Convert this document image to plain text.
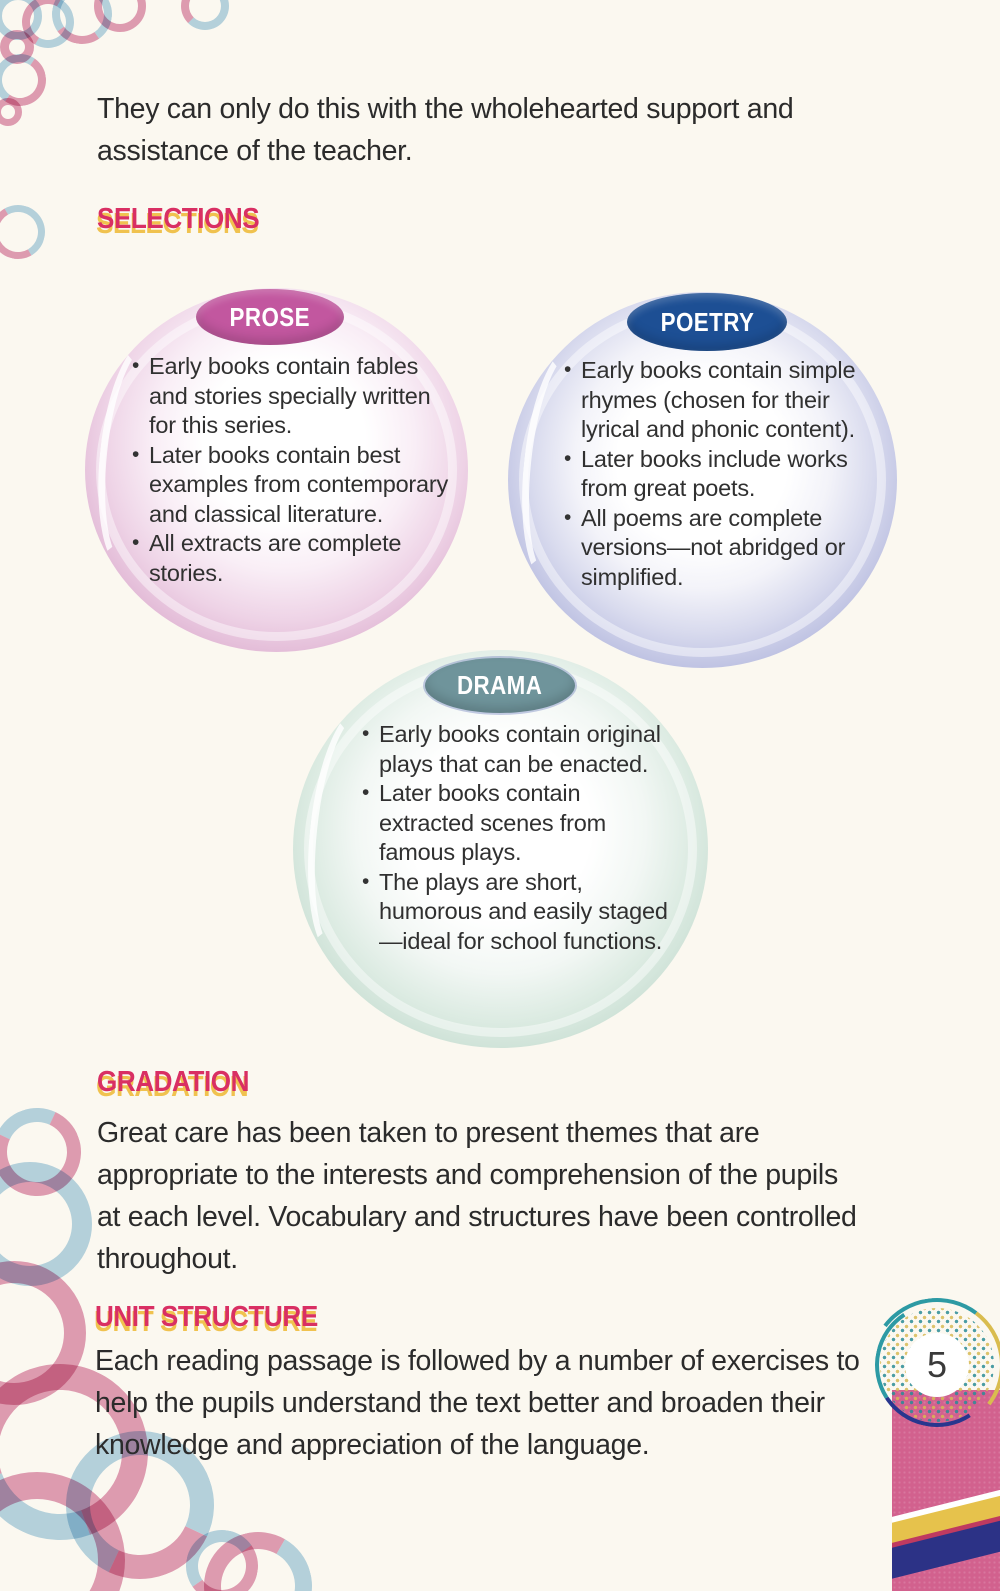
5

They can only do this with the wholehearted support and assistance of the teacher.

SELECTIONS
PROSE
• Early books contain fables and stories specially written for this series.
• Later books contain best examples from contemporary and classical literature.
• All extracts are complete stories.
POETRY
• Early books contain simple rhymes (chosen for their lyrical and phonic content).
• Later books include works from great poets.
• All poems are complete versions—not abridged or simplified.
DRAMA
• Early books contain original plays that can be enacted.
• Later books contain extracted scenes from famous plays.
• The plays are short, humorous and easily staged—ideal for school functions.
GRADATION

Great care has been taken to present themes that are appropriate to the interests and comprehension of the pupils at each level. Vocabulary and structures have been controlled throughout.

UNIT STRUCTURE

Each reading passage is followed by a number of exercises to help the pupils understand the text better and broaden their knowledge and appreciation of the language.
